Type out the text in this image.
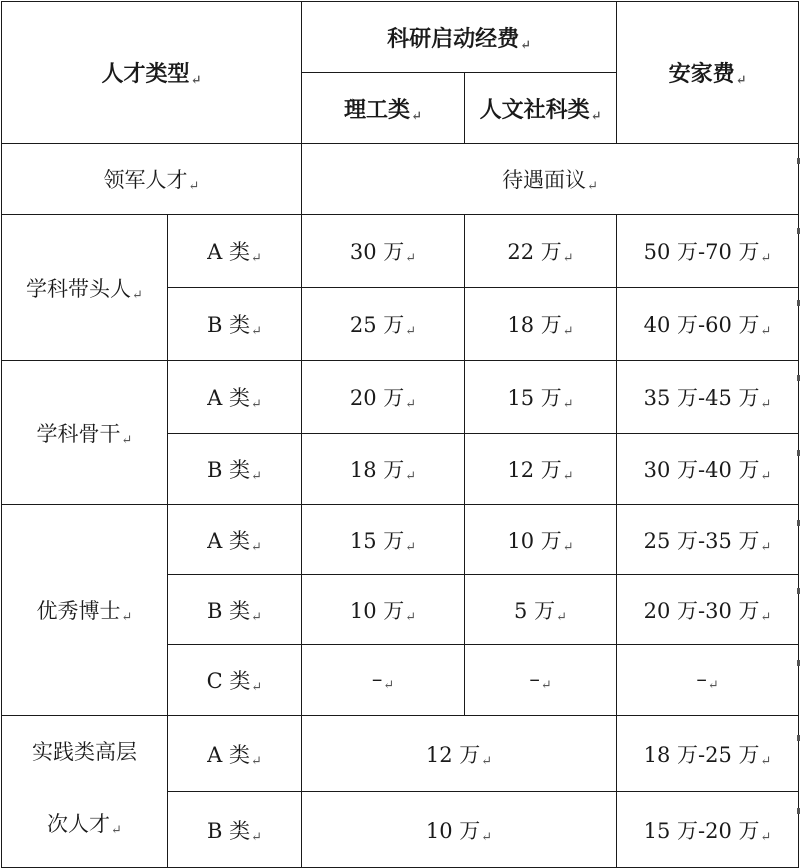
人才类型↵		科研启动经费↵		安家费↵
		理工类↵	人文社科类↵	
领军人才↵		待遇面议↵		
学科带头人↵	A 类↵	30 万↵	22 万↵	50 万-70 万↵
	B 类↵	25 万↵	18 万↵	40 万-60 万↵
学科骨干↵	A 类↵	20 万↵	15 万↵	35 万-45 万↵
	B 类↵	18 万↵	12 万↵	30 万-40 万↵
优秀博士↵	A 类↵	15 万↵	10 万↵	25 万-35 万↵
	B 类↵	10 万↵	5 万↵	20 万-30 万↵
	C 类↵	–↵	–↵	–↵

实践类高层
次人才↵	A 类↵	12 万↵		18 万-25 万↵
	B 类↵	10 万↵		15 万-20 万↵
